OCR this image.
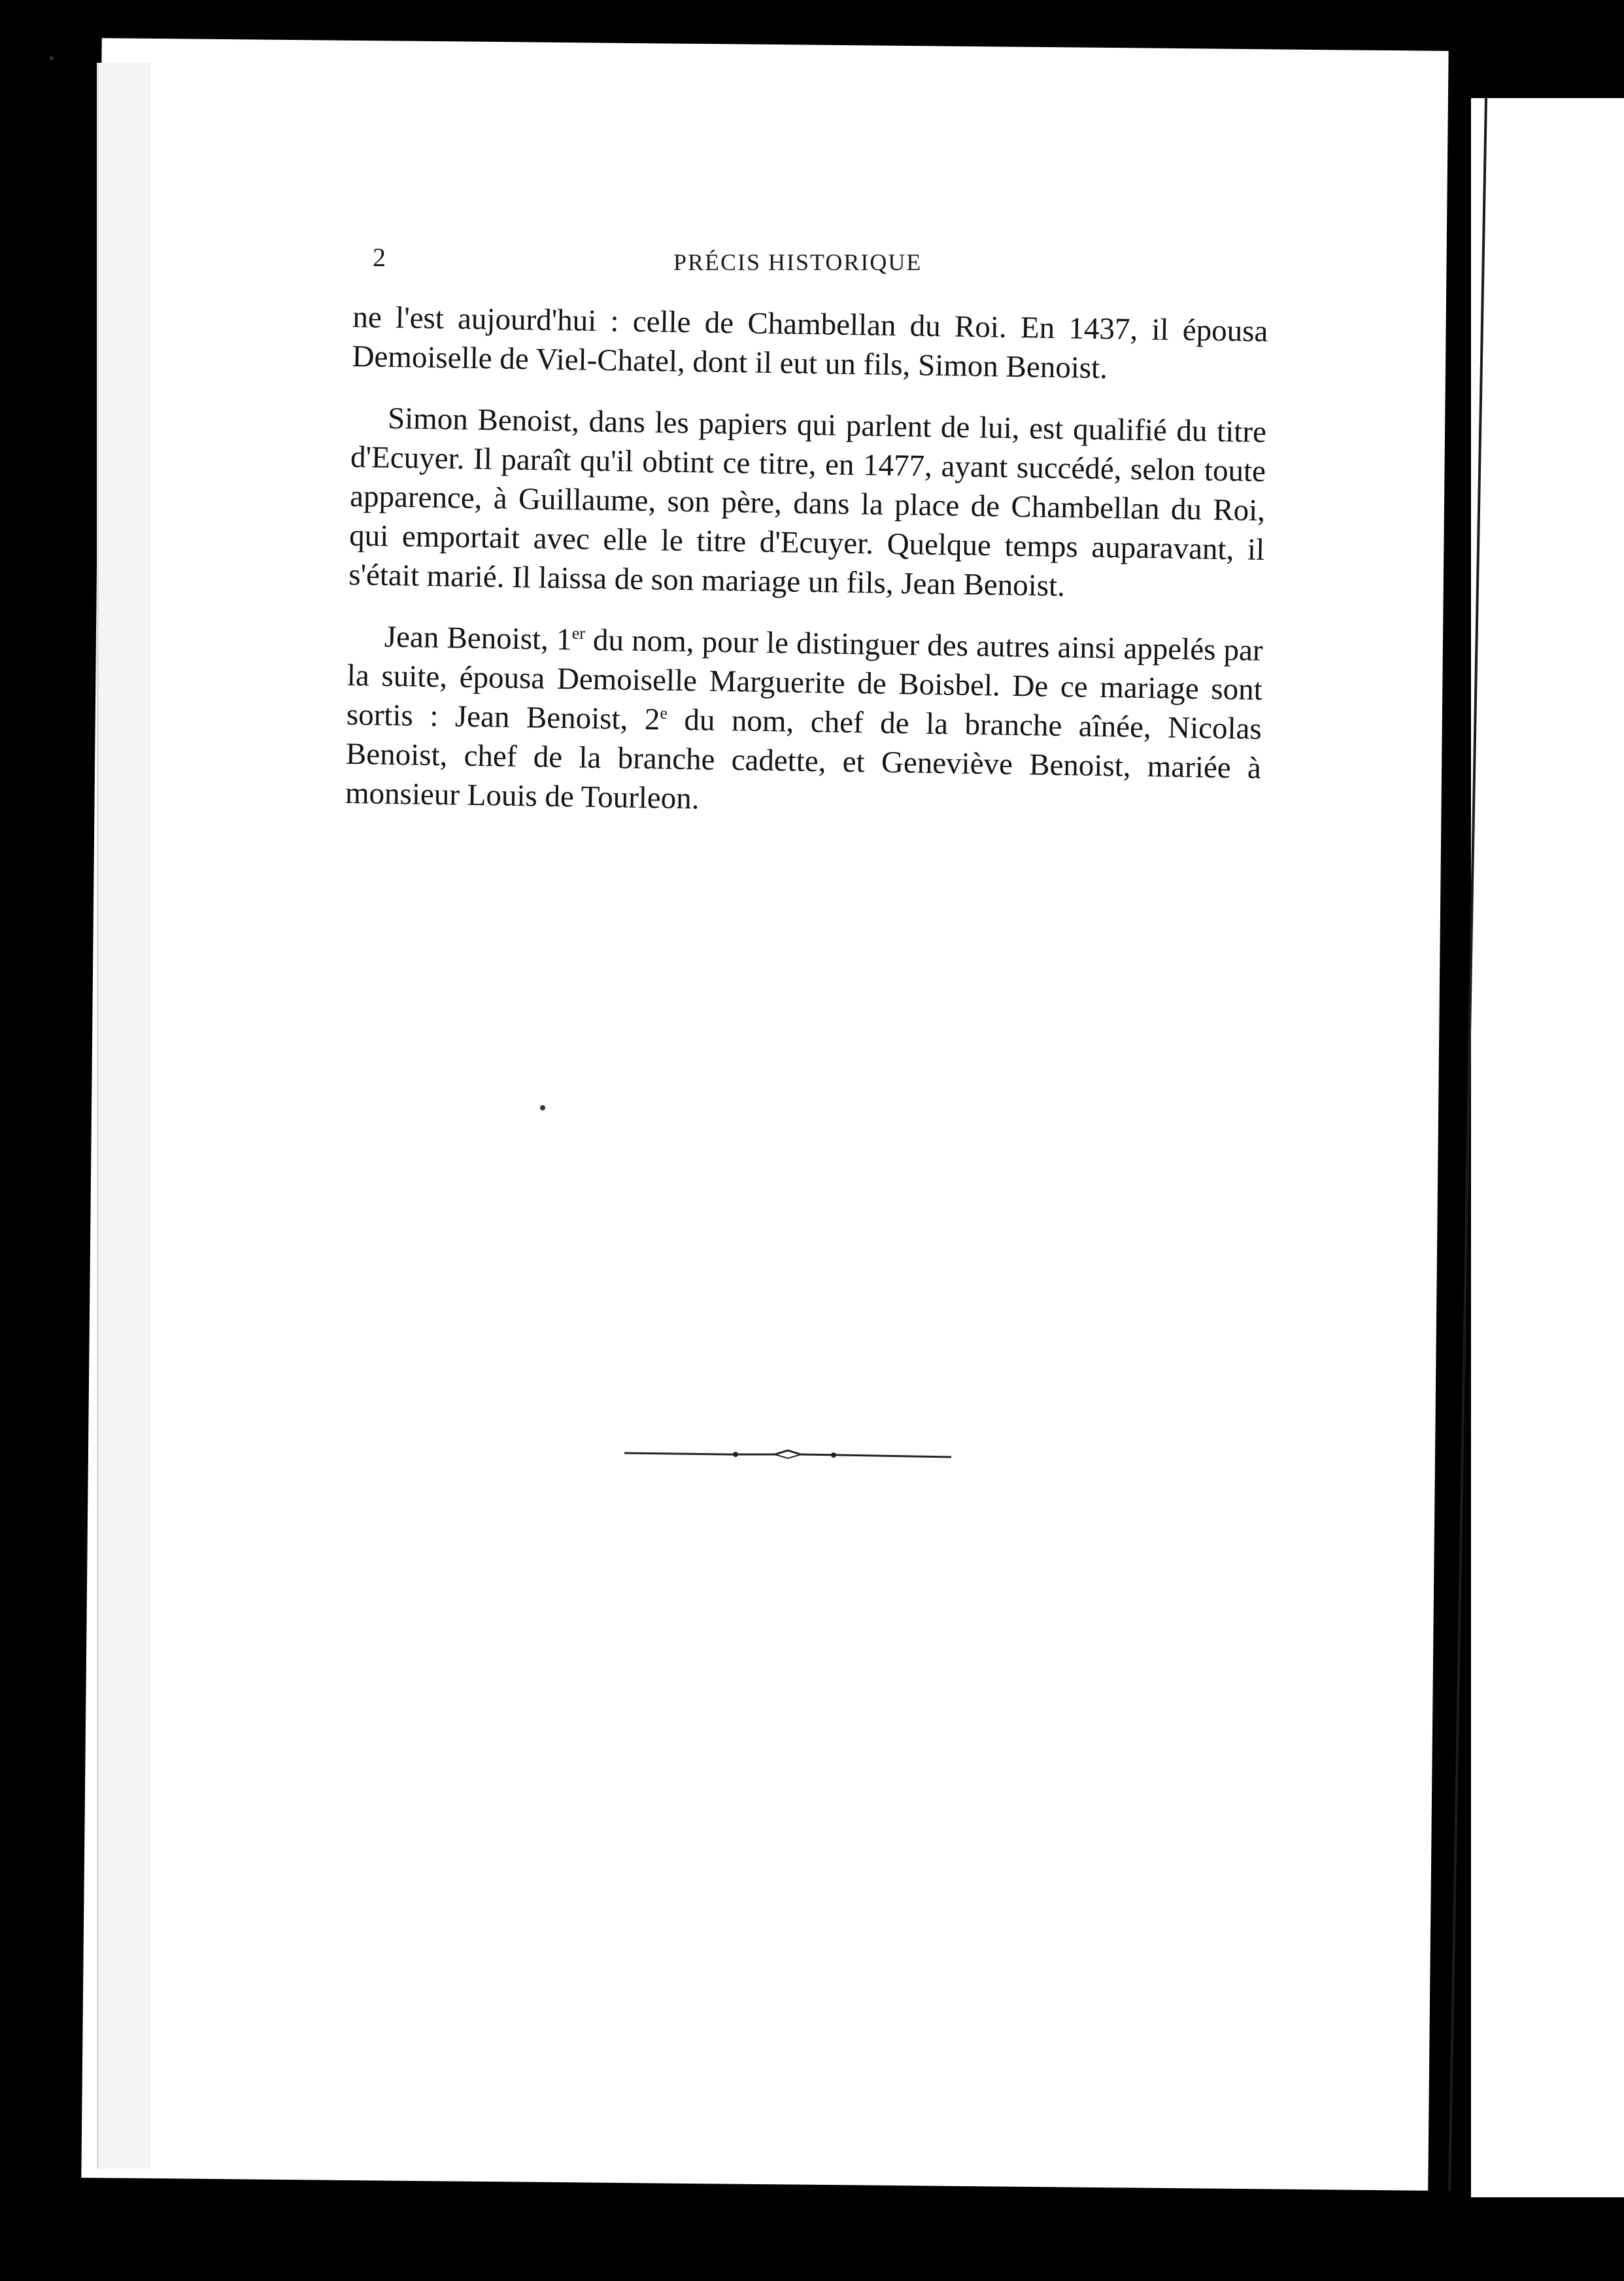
2	PRÉCIS HISTORIQUE

ne l'est aujourd'hui : celle de Chambellan du Roi. En 1437, il épousa Demoiselle de Viel-Chatel, dont il eut un fils, Simon Benoist.

Simon Benoist, dans les papiers qui parlent de lui, est qualifié du titre d'Ecuyer. Il paraît qu'il obtint ce titre, en 1477, ayant succédé, selon toute apparence, à Guillaume, son père, dans la place de Chambellan du Roi, qui emportait avec elle le titre d'Ecuyer. Quelque temps auparavant, il s'était marié. Il laissa de son mariage un fils, Jean Benoist.

Jean Benoist, 1er du nom, pour le distinguer des autres ainsi appelés par la suite, épousa Demoiselle Marguerite de Boisbel. De ce mariage sont sortis : Jean Benoist, 2e du nom, chef de la branche aînée, Nicolas Benoist, chef de la branche cadette, et Geneviève Benoist, mariée à monsieur Louis de Tourleon.
